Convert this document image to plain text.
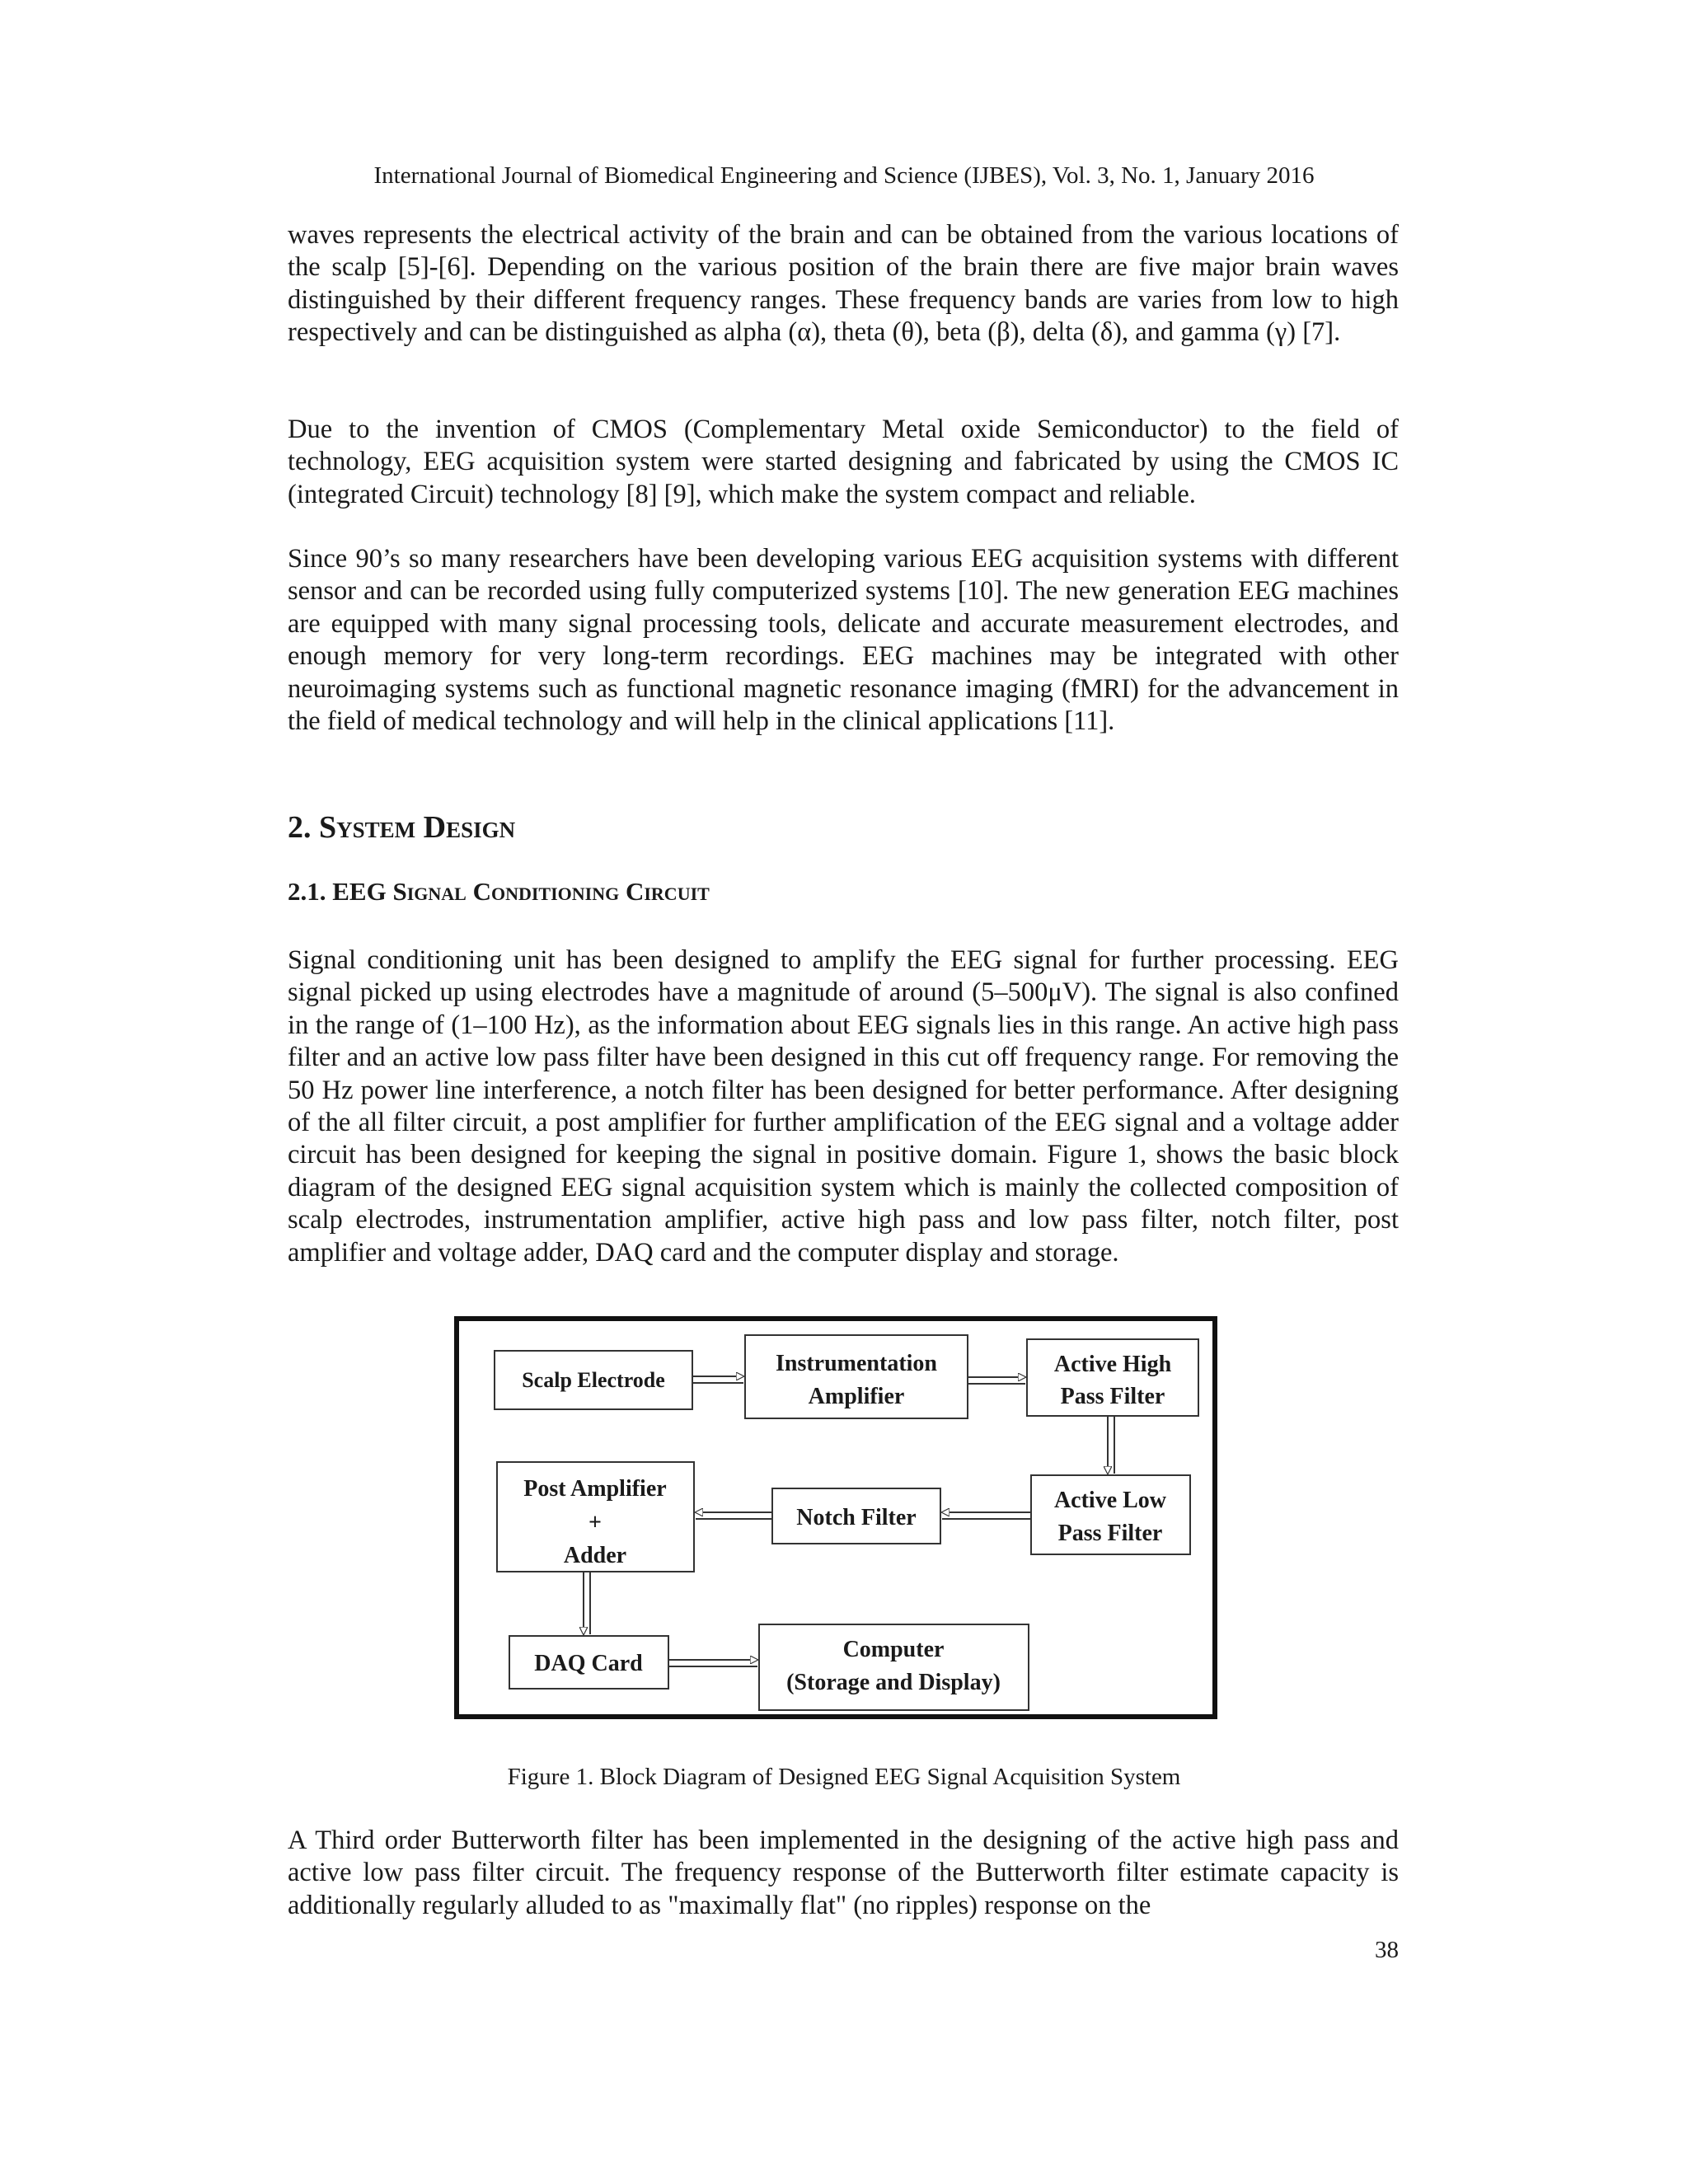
International Journal of Biomedical Engineering and Science (IJBES), Vol. 3, No. 1, January 2016

waves represents the electrical activity of the brain and can be obtained from the various locations of the scalp [5]-[6]. Depending on the various position of the brain there are five major brain waves distinguished by their different frequency ranges. These frequency bands are varies from low to high respectively and can be distinguished as alpha (α), theta (θ), beta (β), delta (δ), and gamma (γ) [7].

Due to the invention of CMOS (Complementary Metal oxide Semiconductor) to the field of technology, EEG acquisition system were started designing and fabricated by using the CMOS IC (integrated Circuit) technology [8] [9], which make the system compact and reliable.

Since 90’s so many researchers have been developing various EEG acquisition systems with different sensor and can be recorded using fully computerized systems [10]. The new generation EEG machines are equipped with many signal processing tools, delicate and accurate measurement electrodes, and enough memory for very long-term recordings. EEG machines may be integrated with other neuroimaging systems such as functional magnetic resonance imaging (fMRI) for the advancement in the field of medical technology and will help in the clinical applications [11].

2. System Design
2.1. EEG Signal Conditioning Circuit

Signal conditioning unit has been designed to amplify the EEG signal for further processing. EEG signal picked up using electrodes have a magnitude of around (5–500μV). The signal is also confined in the range of (1–100 Hz), as the information about EEG signals lies in this range. An active high pass filter and an active low pass filter have been designed in this cut off frequency range. For removing the 50 Hz power line interference, a notch filter has been designed for better performance. After designing of the all filter circuit, a post amplifier for further amplification of the EEG signal and a voltage adder circuit has been designed for keeping the signal in positive domain. Figure 1, shows the basic block diagram of the designed EEG signal acquisition system which is mainly the collected composition of scalp electrodes, instrumentation amplifier, active high pass and low pass filter, notch filter, post amplifier and voltage adder, DAQ card and the computer display and storage.

Scalp Electrode
Instrumentation
Amplifier
Active High
Pass Filter
Active Low
Pass Filter
Notch Filter
Post Amplifier
+
Adder
DAQ Card
Computer
(Storage and Display)
Figure 1. Block Diagram of Designed EEG Signal Acquisition System

A Third order Butterworth filter has been implemented in the designing of the active high pass and active low pass filter circuit. The frequency response of the Butterworth filter estimate capacity is additionally regularly alluded to as "maximally flat" (no ripples) response on the

38
